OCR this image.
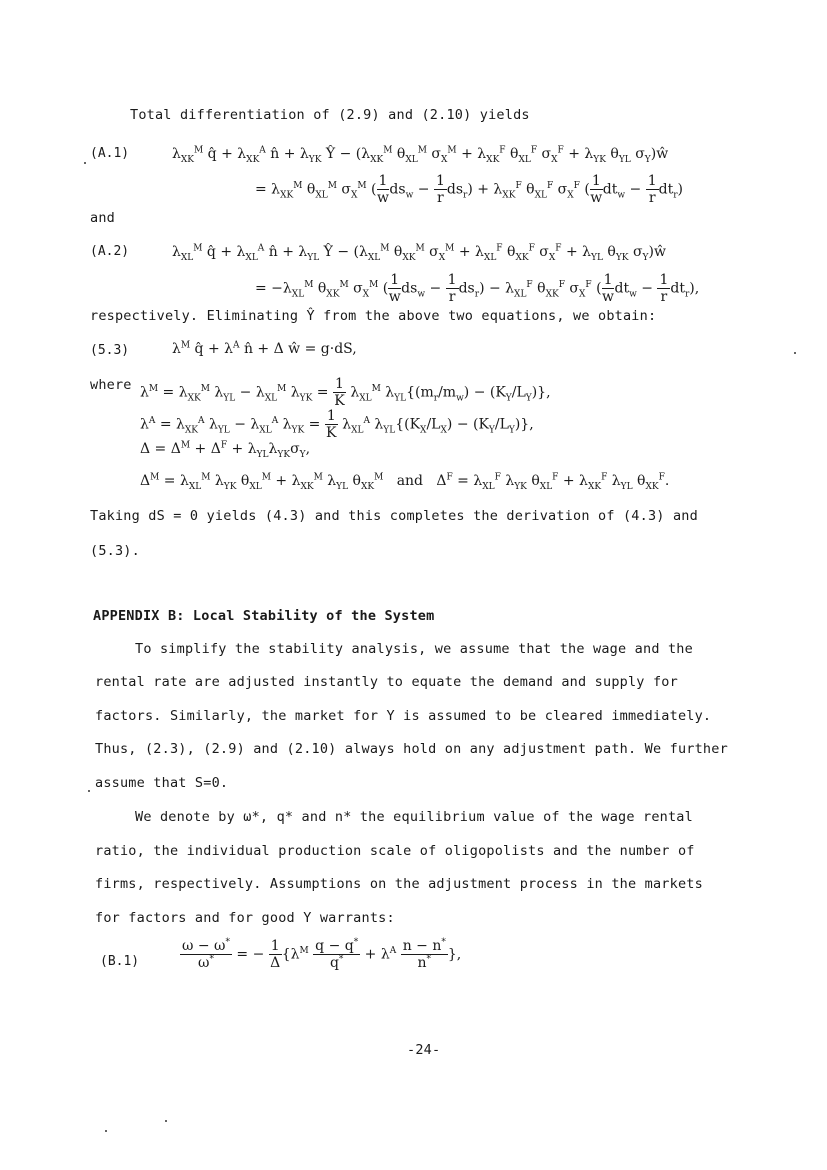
Total differentiation of (2.9) and (2.10) yields
(A.1)	$\lambda_{XK}^M$ q̂ + $\lambda_{XK}^A$ n̂ + $\lambda_{YK}$ Ŷ − ($\lambda_{XK}^M$ $\theta_{XL}^M$ $\sigma_X^M + \lambda_{XK}^F$ $\theta_{XL}^F$ $\sigma_X^F + \lambda_{YK}$ $\theta_{YL}$ $\sigma_Y)ŵ$
= $\lambda_{XK}^M$ $\theta_{XL}^M$ $\sigma_X^M$ ( $\frac{1}{w} ds_w - \frac{1}{r} ds_r) + \lambda_{XK}^F$ $\theta_{XL}^F$ $\sigma_X^F$ ( $\frac{1}{w} dt_w - \frac{1}{r} dt_r$)
and
(A.2)	$\lambda_{XL}^M$ q̂ + $\lambda_{XL}^A$ n̂ + $\lambda_{YL}$ Ŷ − ($\lambda_{XL}^M$ $\theta_{XK}^M$ $\sigma_X^M + \lambda_{XL}^F$ $\theta_{XK}^F$ $\sigma_X^F + \lambda_{YL}$ $\theta_{YK}$ $\sigma_Y)ŵ$
= $-\lambda_{XL}^M$ $\theta_{XK}^M$ $\sigma_X^M$ ( $\frac{1}{w} ds_w - \frac{1}{r} ds_r) - \lambda_{XL}^F$ $\theta_{XK}^F$ $\sigma_X^F$ ( $\frac{1}{w} dt_w - \frac{1}{r} dt_r$),
respectively. Eliminating Ŷ from the above two equations, we obtain:
(5.3)	$\lambda^M$ q̂ + $\lambda^A$ n̂ + Δ ŵ = g·dS,
where $\lambda^M = \lambda_{XK}^M$ $\lambda_{YL} - \lambda_{XL}^M$ $\lambda_{YK} = \frac{1}{K} \lambda_{XL}^M$ $\lambda_{YL}\{(m_r/m_w) - (K_Y/L_Y)\}$,
$\lambda^A = \lambda_{XK}^A$ $\lambda_{YL} - \lambda_{XL}^A$ $\lambda_{YK} = \frac{1}{K} \lambda_{XL}^A$ $\lambda_{YL}\{(K_X/L_X) - (K_Y/L_Y)\}$,
$\Delta = \Delta^M + \Delta^F + \lambda_{YL}\lambda_{YK}\sigma_Y$,
$\Delta^M = \lambda_{XL}^M$ $\lambda_{YK}$ $\theta_{XL}^M + \lambda_{XK}^M$ $\lambda_{YL}$ $\theta_{XK}^M$   and   $\Delta^F = \lambda_{XL}^F$ $\lambda_{YK}$ $\theta_{XL}^F + \lambda_{XK}^F$ $\lambda_{YL}$ $\theta_{XK}^F$.
Taking dS = 0 yields (4.3) and this completes the derivation of (4.3) and
(5.3).
APPENDIX B: Local Stability of the System
To simplify the stability analysis, we assume that the wage and the
rental rate are adjusted instantly to equate the demand and supply for
factors. Similarly, the market for Y is assumed to be cleared immediately.
Thus, (2.3), (2.9) and (2.10) always hold on any adjustment path. We further
assume that S=0.
We denote by ω*, q* and n* the equilibrium value of the wage rental
ratio, the individual production scale of oligopolists and the number of
firms, respectively. Assumptions on the adjustment process in the markets
for factors and for good Y warrants:
(B.1)	$\frac{\omega - \omega^*}{\omega^*}$ = − $\frac{1}{\Delta} \{\lambda^M \frac{q - q^*}{q^*} + \lambda^A \frac{n - n^*}{n^*}$ },
-24-
